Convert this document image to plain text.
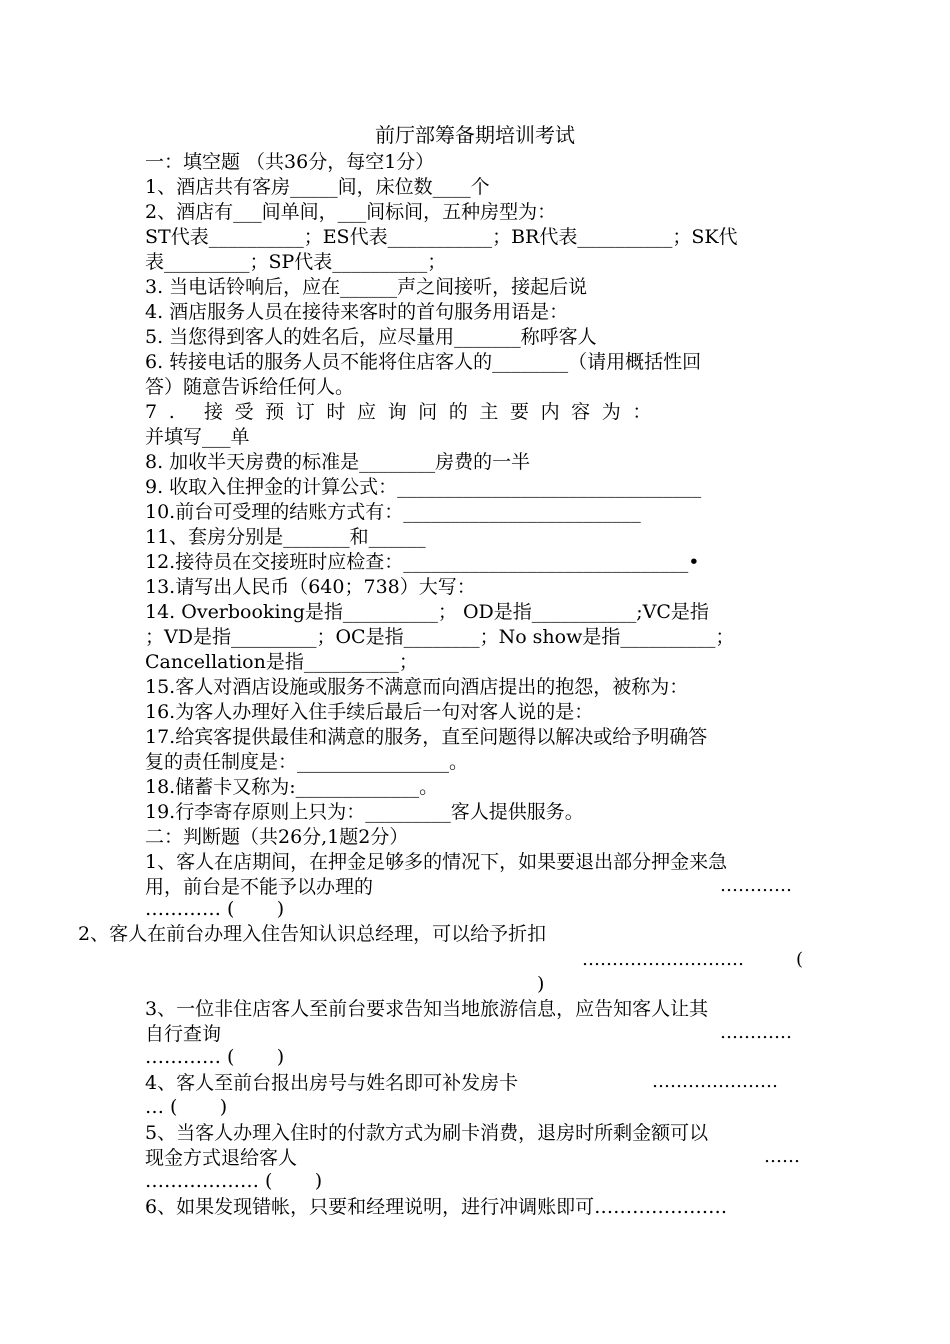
前厅部筹备期培训考试
一：填空题 （共36分，每空1分）
1、酒店共有客房_____间，床位数____个
2、酒店有___间单间，___间标间，五种房型为：
ST代表__________；ES代表___________；BR代表__________；SK代
表_________；SP代表__________；
3. 当电话铃响后，应在______声之间接听，接起后说
4. 酒店服务人员在接待来客时的首句服务用语是：
5. 当您得到客人的姓名后，应尽量用_______称呼客人
6. 转接电话的服务人员不能将住店客人的________（请用概括性回
答）随意告诉给任何人。
7. 接受预订时应询问的主要内容为：
并填写___单
8. 加收半天房费的标准是________房费的一半
9. 收取入住押金的计算公式：________________________________
10.前台可受理的结账方式有：_________________________
11、套房分别是_______和______
12.接待员在交接班时应检查：______________________________•
13.请写出人民币（640；738）大写：
14. Overbooking是指__________； OD是指___________;VC是指
；VD是指_________；OC是指________；No show是指__________；
Cancellation是指__________；
15.客人对酒店设施或服务不满意而向酒店提出的抱怨，被称为：
16.为客人办理好入住手续后最后一句对客人说的是：
17.给宾客提供最佳和满意的服务，直至问题得以解决或给予明确答
复的责任制度是：________________。
18.储蓄卡又称为:_____________。
19.行李寄存原则上只为：_________客人提供服务。
二：判断题（共26分,1题2分）
1、客人在店期间，在押金足够多的情况下，如果要退出部分押金来急
用，前台是不能予以办理的	…………
………… (       )
2、客人在前台办理入住告知认识总经理，可以给予折扣
………………………	(
)
3、一位非住店客人至前台要求告知当地旅游信息，应告知客人让其
自行查询	…………
………… (       )
4、客人至前台报出房号与姓名即可补发房卡	…………………
… (       )
5、当客人办理入住时的付款方式为刷卡消费，退房时所剩金额可以
现金方式退给客人	……
……………… (       )
6、如果发现错帐，只要和经理说明，进行冲调账即可…………………
